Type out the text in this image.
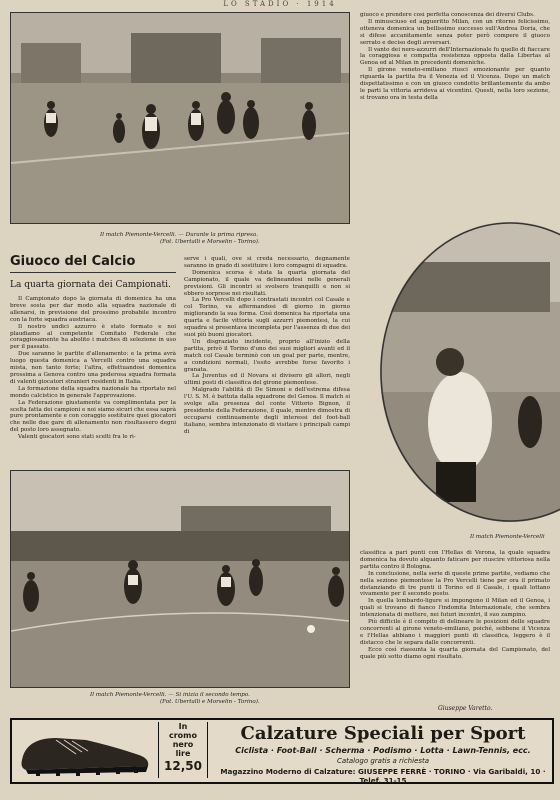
LO STADIO · 1914
Il match Piemonte-Vercelli. — Durante la prima ripresa.
(Fot. Ubertalli e Morselin - Torino).

giuoco e prendere così perfetta conoscenza dei diversi Clubs.

Il minusciuso ed aggueritto Milan, con un ritorno felicissimo, otteneva domenica un bellissimo successo sull'Andrea Doria, che si difese accanitamente senza poter però compere il giuoco serrato e deciso degli avversari.

Il vanto dei nero-azzurri dell'Internazionale fu quello di fiaccare la coraggiosa e compatta resistenza opposta dalla Libertas al Genoa ed al Milan in precedenti domeniche.

Il girone veneto-emiliano riusci emozionante per quanto riguarda la partita fra il Venezia ed il Vicenza. Dopo un match dispettatissimo e con un giuoco condotto brillantemente da ambo le parti la vittoria arrideva ai vicentini. Questi, nella loro sezione, si trovano ora in testa della

Giuoco del Calcio
La quarta giornata dei Campionati.

Il Campionato dopo la giornata di domenica ha una breve sosta per dar modo alla squadra nazionale di allenarsi, in previsione del prossimo probabile incontro con la forte squadra austriaca.

Il nostro undici azzurro è stato formato e noi plaudiamo al competente Comitato Federale che coraggiosamente ha abolito i matches di selezione in uso per il passato.

Due saranno le partite d'allenamento: e la prima avrà luogo questa domenica a Vercelli contro una squadra mista, non tanto forte; l'altra, effettuandosi domenica prossima a Genova contro una poderosa squadra formata di valenti giocatori stranieri residenti in Italia.

La formazione della squadra nazionale ha riportato nel mondo calcistico in generale l'approvazione.

La Federazione giustamente va complimentata per la scelta fatta dei campioni e noi siamo sicuri che essa saprà pure prontamente e con coraggio sostituire quei giocatori che nelle due gare di allenamento non risultassero degni del posto loro assegnato.

Valenti giocatori sono stati scelti fra le ri-

serve i quali, ove si creda necessario, degnamente saranno in grado di sostituire i loro compagni di squadra.

Domenica scorsa è stata la quarta giornata del Campionato, il quale va delineandosi nelle generali previsioni. Gli incontri si svolsero tranquilli e non si ebbero sorprese nei risultati.

La Pro Vercelli dopo i contrastati incontri col Casale e col Torino, va affermandosi di giorno in giorno migliorando la sua forma. Così domenica ha riportata una quarta e facile vittoria sugli azzurri piemontesi, la cui squadra si presentava incompleta per l'assenza di due dei suoi più buoni giocatori.

Un disgraziato incidente, proprio all'inizio della partita, privò il Torino d'uno dei suoi migliori avanti ed il match col Casale terminò con un goal per parte, mentre, a condizioni normali, l'esito avrebbe forse favorito i granata.

La Juventus ed il Novara si divisero gli allori, negli ultimi posti di classifica del girone piemontese.

Malgrado l'abilità di De Simoni e dell'estrema difesa l'U. S. M. è battuta dalla squadrone del Genoa. Il match si svolge alla presenza del conte Vittorio Bignon, il presidente della Federazione, il quale, mentre dimostra di occuparsi continuamente degli interessi del foot-ball italiano, sembra intenzionato di visitare i principali campi di

Il match Piemonte-Vercelli
Il match Piemonte-Vercelli. — Si inizia il secondo tempo.
(Fot. Ubertalli e Morselin - Torino).

classifica a pari punti con l'Hellas di Verona, la quale squadra domenica ha dovuto alquanto faticare per riuscire vittoriosa nella partita contro il Bologna.

In conclusione, nella serie di queste prime partite, vediamo che nella sezione piemontese la Pro Vercelli tiene per ora il primato distanziando di tre punti il Torino ed il Casale, i quali lottano vivamente per il secondo posto.

In quella lombardo-ligure si impongono il Milan ed il Genoa, i quali si trovano di fianco l'indomita Internazionale, che sembra intenzionata di mettere, nei futuri incontri, il suo zampino.

Più difficile è il compito di delineare le posizioni delle squadre concorrenti al girone veneto-emiliano, poiché, sebbene il Vicenza e l'Hellas abbiano i maggiori punti di classifica, leggero è il distacco che le separa dalle concorrenti.

Ecco così riassunta la quarta giornata del Campionato, del quale più sotto diamo ogni risultato.

Giuseppe Varetto.
In
cromo
nero
lire
12,50
Calzature Speciali per Sport
Ciclista · Foot-Ball · Scherma · Podismo · Lotta · Lawn-Tennis, ecc.
Catalogo gratis a richiesta
Magazzino Moderno di Calzature: GIUSEPPE FERRÈ · TORINO · Via Garibaldi, 10 · Telef. 31-15
